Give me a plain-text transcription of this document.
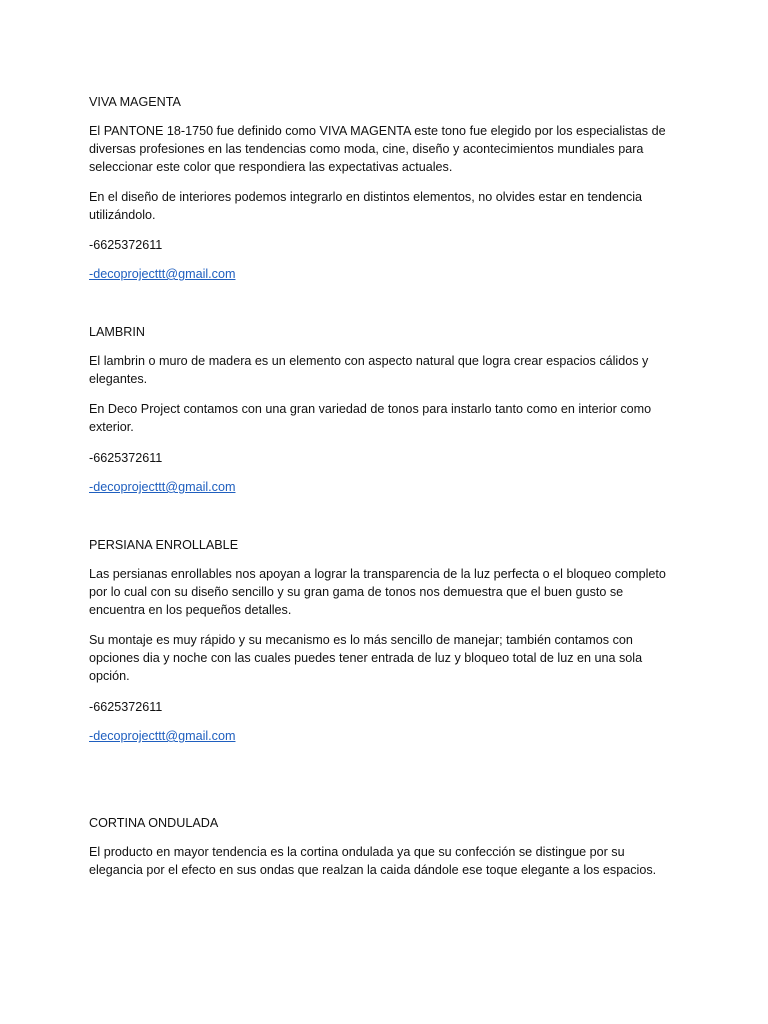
VIVA MAGENTA
El PANTONE 18-1750 fue definido como VIVA MAGENTA este tono fue elegido por los especialistas de
diversas profesiones en las tendencias como moda, cine, diseño y acontecimientos mundiales para
seleccionar este color que respondiera las expectativas actuales.
En el diseño de interiores podemos integrarlo en distintos elementos, no olvides estar en tendencia
utilizándolo.
-6625372611
-decoprojecttt@gmail.com
LAMBRIN
El lambrin o muro de madera es un elemento con aspecto natural que logra crear espacios cálidos y
elegantes.
En Deco Project contamos con una gran variedad de tonos para instarlo tanto como en interior como
exterior.
-6625372611
-decoprojecttt@gmail.com
PERSIANA ENROLLABLE
Las persianas enrollables nos apoyan a lograr la transparencia de la luz perfecta o el bloqueo completo
por lo cual con su diseño sencillo y su gran gama de tonos nos demuestra que el buen gusto se
encuentra en los pequeños detalles.
Su montaje es muy rápido y su mecanismo es lo más sencillo de manejar; también contamos con
opciones dia y noche con las cuales puedes tener entrada de luz y bloqueo total de luz en una sola
opción.
-6625372611
-decoprojecttt@gmail.com
CORTINA ONDULADA
El producto en mayor tendencia es la cortina ondulada ya que su confección se distingue por su
elegancia por el efecto en sus ondas que realzan la caida dándole ese toque elegante a los espacios.
